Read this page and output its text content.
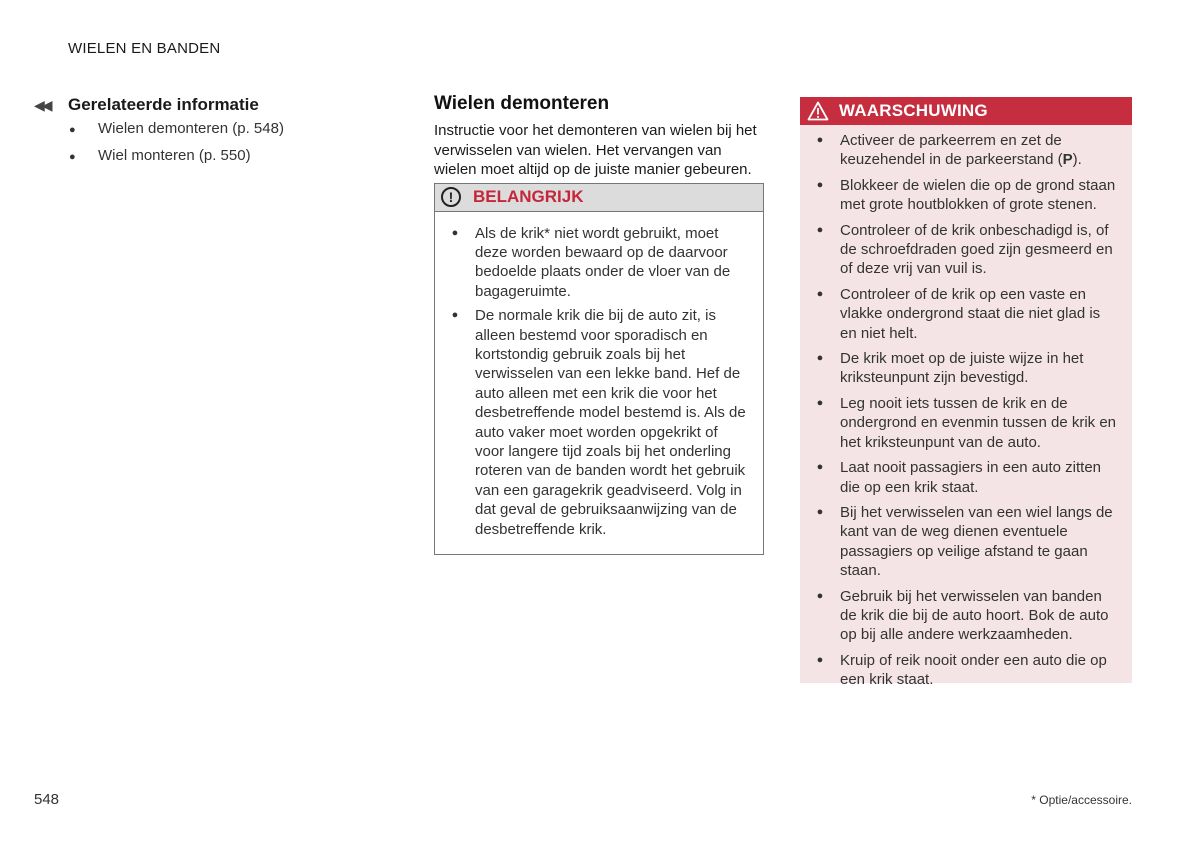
WIELEN EN BANDEN
◀◀	Gerelateerde informatie
●	Wielen demonteren (p. 548)
●	Wiel monteren (p. 550)
Wielen demonteren

Instructie voor het demonteren van wielen bij het verwisselen van wielen. Het vervangen van wielen moet altijd op de juiste manier gebeuren.

!	BELANGRIJK
●	Als de krik* niet wordt gebruikt, moet deze worden bewaard op de daarvoor bedoelde plaats onder de vloer van de bagageruimte.
●	De normale krik die bij de auto zit, is alleen bestemd voor sporadisch en kortstondig gebruik zoals bij het verwisselen van een lekke band. Hef de auto alleen met een krik die voor het desbetreffende model bestemd is. Als de auto vaker moet worden opgekrikt of voor langere tijd zoals bij het onderling roteren van de banden wordt het gebruik van een garagekrik geadviseerd. Volg in dat geval de gebruiksaanwijzing van de desbetreffende krik.
WAARSCHUWING
●	Activeer de parkeerrem en zet de keuzehendel in de parkeerstand (P).
●	Blokkeer de wielen die op de grond staan met grote houtblokken of grote stenen.
●	Controleer of de krik onbeschadigd is, of de schroefdraden goed zijn gesmeerd en of deze vrij van vuil is.
●	Controleer of de krik op een vaste en vlakke ondergrond staat die niet glad is en niet helt.
●	De krik moet op de juiste wijze in het kriksteunpunt zijn bevestigd.
●	Leg nooit iets tussen de krik en de ondergrond en evenmin tussen de krik en het kriksteunpunt van de auto.
●	Laat nooit passagiers in een auto zitten die op een krik staat.
●	Bij het verwisselen van een wiel langs de kant van de weg dienen eventuele passagiers op veilige afstand te gaan staan.
●	Gebruik bij het verwisselen van banden de krik die bij de auto hoort. Bok de auto op bij alle andere werkzaamheden.
●	Kruip of reik nooit onder een auto die op een krik staat.
548	* Optie/accessoire.
